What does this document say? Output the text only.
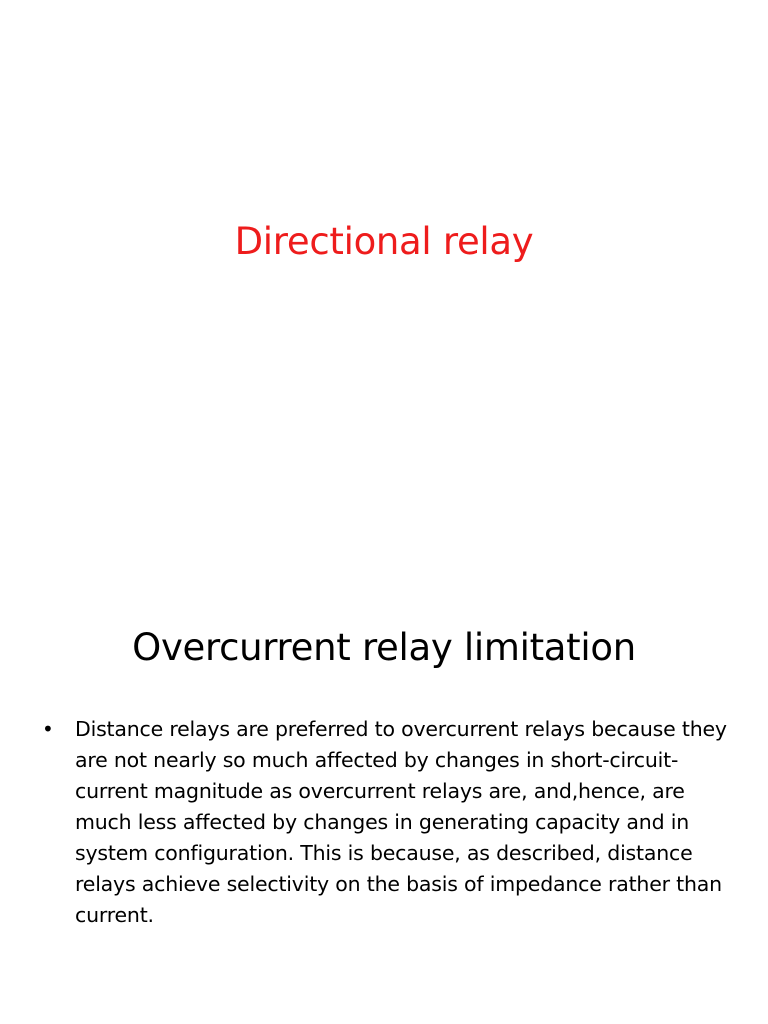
Directional relay
Overcurrent relay limitation
• Distance relays are preferred to overcurrent relays because they are not nearly so much affected by changes in short-circuit-current magnitude as overcurrent relays are, and,hence, are much less affected by changes in generating capacity and in system configuration. This is because, as described, distance relays achieve selectivity on the basis of impedance rather than current.
